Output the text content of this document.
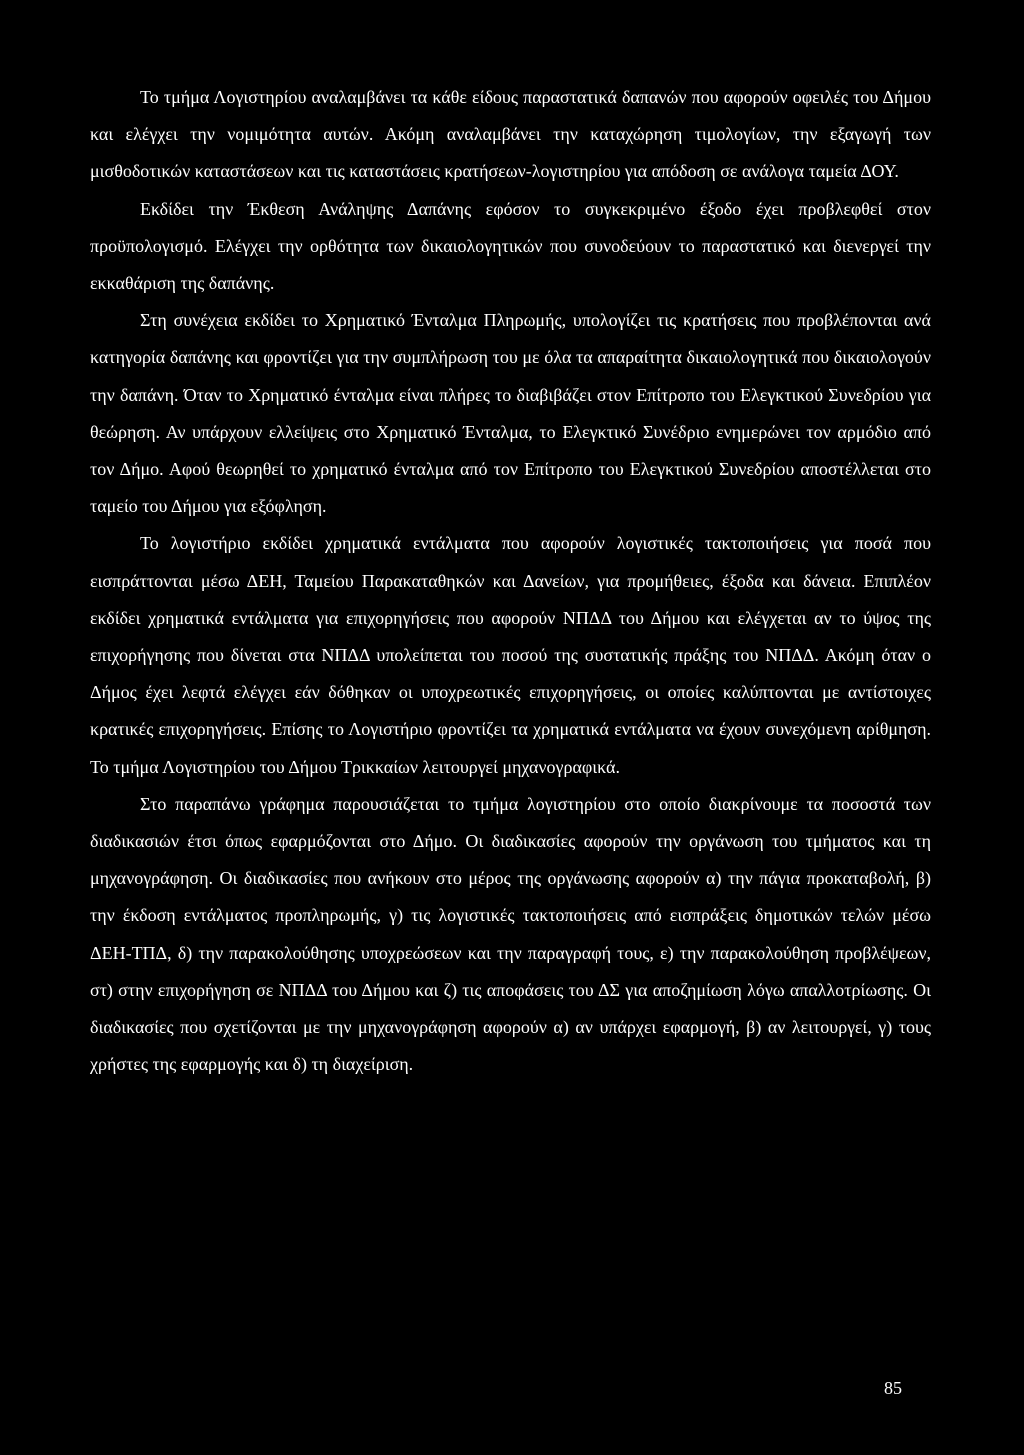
Το τμήμα Λογιστηρίου αναλαμβάνει τα κάθε είδους παραστατικά δαπανών που αφορούν οφειλές του Δήμου και ελέγχει την νομιμότητα αυτών. Ακόμη αναλαμβάνει την καταχώρηση τιμολογίων, την εξαγωγή των μισθοδοτικών καταστάσεων και τις καταστάσεις κρατήσεων-λογιστηρίου για απόδοση σε ανάλογα ταμεία ΔΟΥ.

Εκδίδει την Έκθεση Ανάληψης Δαπάνης εφόσον το συγκεκριμένο έξοδο έχει προβλεφθεί στον προϋπολογισμό. Ελέγχει την ορθότητα των δικαιολογητικών που συνοδεύουν το παραστατικό και διενεργεί την εκκαθάριση της δαπάνης.

Στη συνέχεια εκδίδει το Χρηματικό Ένταλμα Πληρωμής, υπολογίζει τις κρατήσεις που προβλέπονται ανά κατηγορία δαπάνης και φροντίζει για την συμπλήρωση του με όλα τα απαραίτητα δικαιολογητικά που δικαιολογούν την δαπάνη. Όταν το Χρηματικό ένταλμα είναι πλήρες το διαβιβάζει στον Επίτροπο του Ελεγκτικού Συνεδρίου για θεώρηση. Αν υπάρχουν ελλείψεις στο Χρηματικό Ένταλμα, το Ελεγκτικό Συνέδριο ενημερώνει τον αρμόδιο από τον Δήμο. Αφού θεωρηθεί το χρηματικό ένταλμα από τον Επίτροπο του Ελεγκτικού Συνεδρίου αποστέλλεται στο ταμείο του Δήμου για εξόφληση.

Το λογιστήριο εκδίδει χρηματικά εντάλματα που αφορούν λογιστικές τακτοποιήσεις για ποσά που εισπράττονται μέσω ΔΕΗ, Ταμείου Παρακαταθηκών και Δανείων, για προμήθειες, έξοδα και δάνεια. Επιπλέον εκδίδει χρηματικά εντάλματα για επιχορηγήσεις που αφορούν ΝΠΔΔ του Δήμου και ελέγχεται αν το ύψος της επιχορήγησης που δίνεται στα ΝΠΔΔ υπολείπεται του ποσού της συστατικής πράξης του ΝΠΔΔ. Ακόμη όταν ο Δήμος έχει λεφτά ελέγχει εάν δόθηκαν οι υποχρεωτικές επιχορηγήσεις, οι οποίες καλύπτονται με αντίστοιχες κρατικές επιχορηγήσεις. Επίσης το Λογιστήριο φροντίζει τα χρηματικά εντάλματα να έχουν συνεχόμενη αρίθμηση. Το τμήμα Λογιστηρίου του Δήμου Τρικκαίων λειτουργεί μηχανογραφικά.

Στο παραπάνω γράφημα παρουσιάζεται το τμήμα λογιστηρίου στο οποίο διακρίνουμε τα ποσοστά των διαδικασιών έτσι όπως εφαρμόζονται στο Δήμο. Οι διαδικασίες αφορούν την οργάνωση του τμήματος και τη μηχανογράφηση. Οι διαδικασίες που ανήκουν στο μέρος της οργάνωσης αφορούν α) την πάγια προκαταβολή, β) την έκδοση εντάλματος προπληρωμής, γ) τις λογιστικές τακτοποιήσεις από εισπράξεις δημοτικών τελών μέσω ΔΕΗ-ΤΠΔ, δ) την παρακολούθησης υποχρεώσεων και την παραγραφή τους, ε) την παρακολούθηση προβλέψεων, στ) στην επιχορήγηση σε ΝΠΔΔ του Δήμου και ζ) τις αποφάσεις του ΔΣ για αποζημίωση λόγω απαλλοτρίωσης. Οι διαδικασίες που σχετίζονται με την μηχανογράφηση αφορούν α) αν υπάρχει εφαρμογή, β) αν λειτουργεί, γ) τους χρήστες της εφαρμογής και δ) τη διαχείριση.

85
